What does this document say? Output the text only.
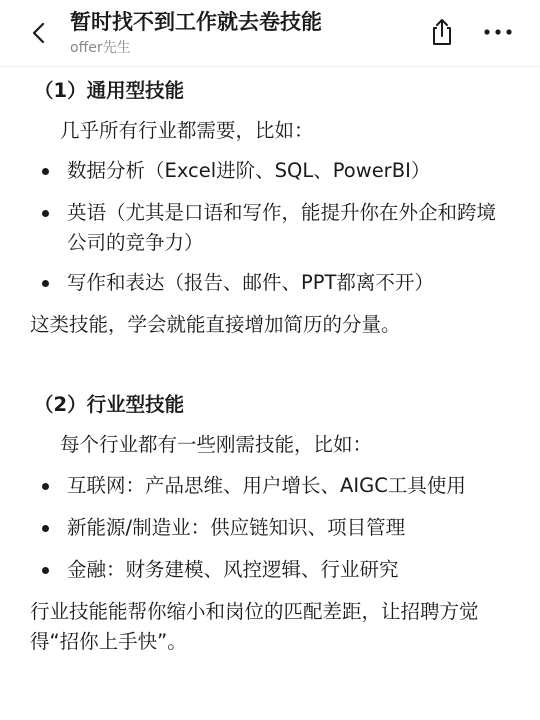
暂时找不到工作就去卷技能
offer先生
（1）通用型技能
几乎所有行业都需要，比如：
数据分析（Excel进阶、SQL、PowerBI）
英语（尤其是口语和写作，能提升你在外企和跨境公司的竞争力）
写作和表达（报告、邮件、PPT都离不开）
这类技能，学会就能直接增加简历的分量。
（2）行业型技能
每个行业都有一些刚需技能，比如：
互联网：产品思维、用户增长、AIGC工具使用
新能源/制造业：供应链知识、项目管理
金融：财务建模、风控逻辑、行业研究
行业技能能帮你缩小和岗位的匹配差距，让招聘方觉得“招你上手快”。
